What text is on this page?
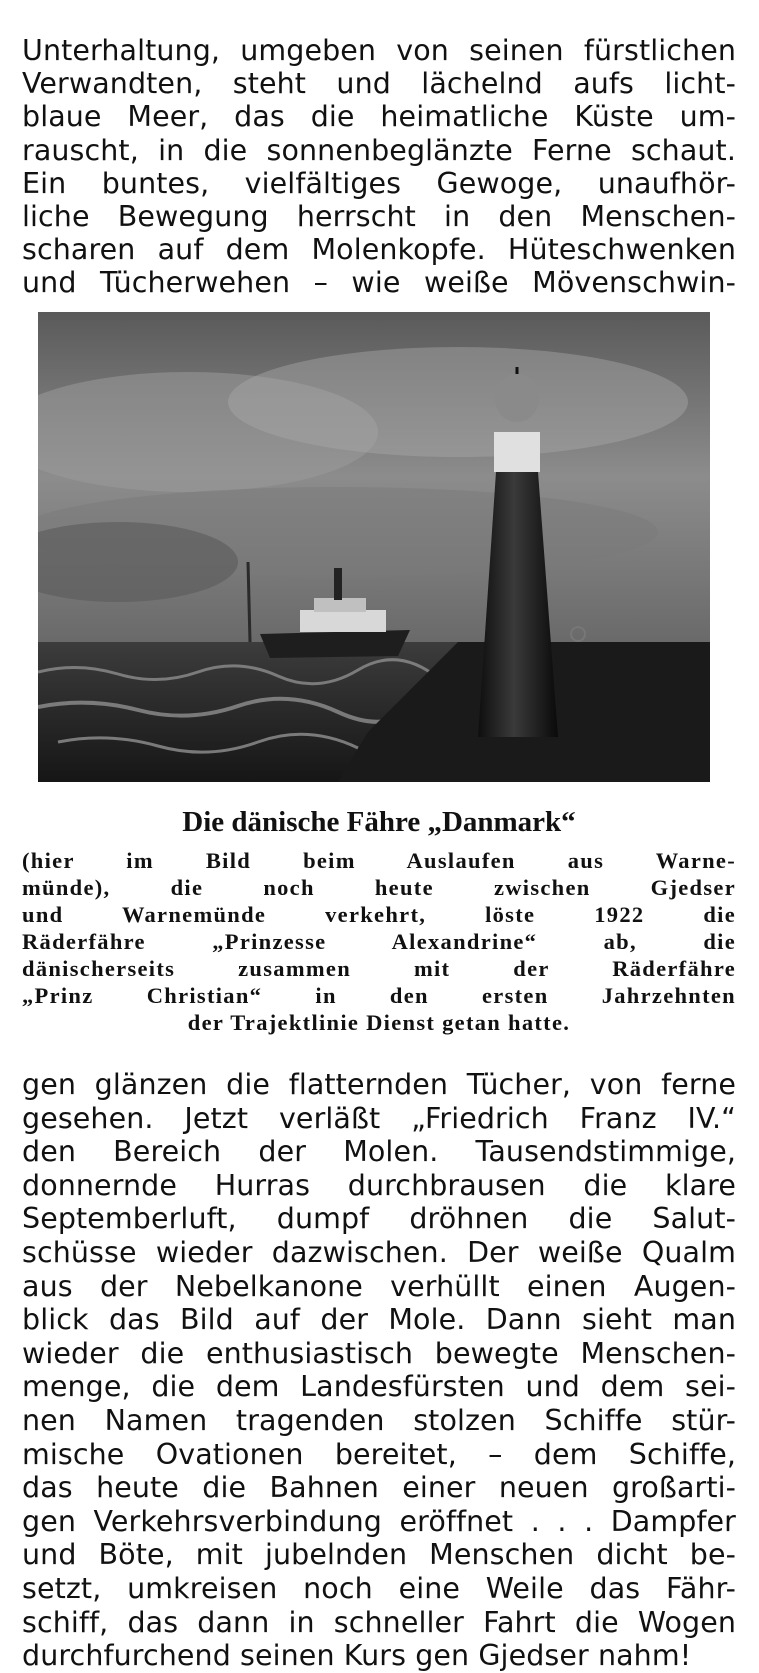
Unterhaltung, umgeben von seinen fürstlichen
Verwandten, steht und lächelnd aufs licht-
blaue Meer, das die heimatliche Küste um-
rauscht, in die sonnenbeglänzte Ferne schaut.
Ein buntes, vielfältiges Gewoge, unaufhör-
liche Bewegung herrscht in den Menschen-
scharen auf dem Molenkopfe. Hüteschwenken
und Tücherwehen – wie weiße Mövenschwin-
Die dänische Fähre „Danmark“
(hier im Bild beim Auslaufen aus Warne-
münde), die noch heute zwischen Gjedser
und Warnemünde verkehrt, löste 1922 die
Räderfähre „Prinzesse Alexandrine“ ab, die
dänischerseits zusammen mit der Räderfähre
„Prinz Christian“ in den ersten Jahrzehnten
der Trajektlinie Dienst getan hatte.
gen glänzen die flatternden Tücher, von ferne
gesehen. Jetzt verläßt „Friedrich Franz IV.“
den Bereich der Molen. Tausendstimmige,
donnernde Hurras durchbrausen die klare
Septemberluft, dumpf dröhnen die Salut-
schüsse wieder dazwischen. Der weiße Qualm
aus der Nebelkanone verhüllt einen Augen-
blick das Bild auf der Mole. Dann sieht man
wieder die enthusiastisch bewegte Menschen-
menge, die dem Landesfürsten und dem sei-
nen Namen tragenden stolzen Schiffe stür-
mische Ovationen bereitet, – dem Schiffe,
das heute die Bahnen einer neuen großarti-
gen Verkehrsverbindung eröffnet . . . Dampfer
und Böte, mit jubelnden Menschen dicht be-
setzt, umkreisen noch eine Weile das Fähr-
schiff, das dann in schneller Fahrt die Wogen
durchfurchend seinen Kurs gen Gjedser nahm!
